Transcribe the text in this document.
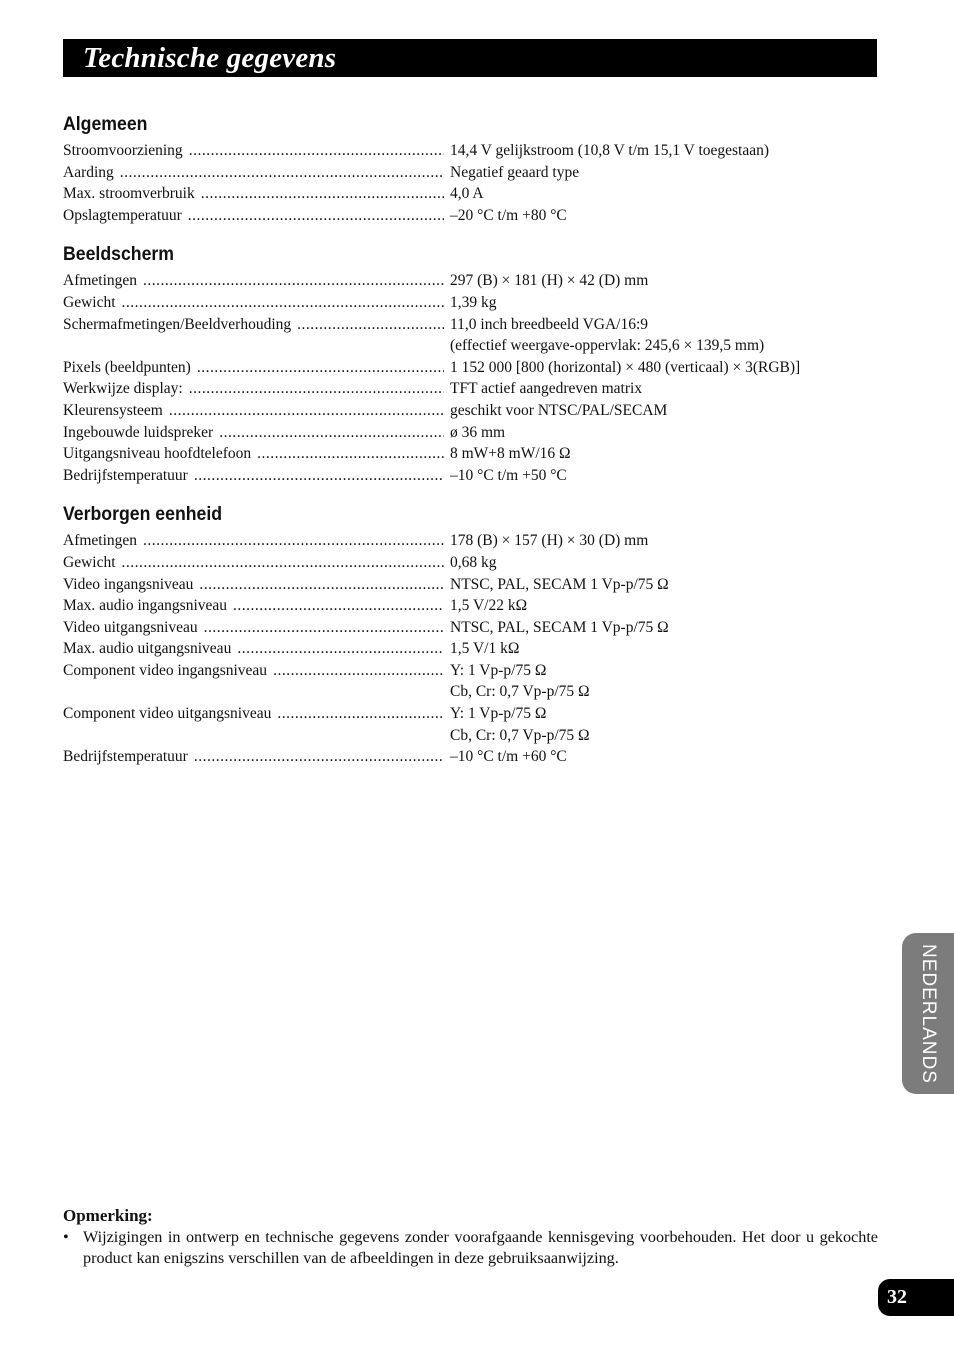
Technische gegevens
Algemeen
Stroomvoorziening .....	14,4 V gelijkstroom (10,8 V t/m 15,1 V toegestaan)
Aarding .....	Negatief geaard type
Max. stroomverbruik .....	4,0 A
Opslagtemperatuur .....	–20 °C t/m +80 °C
Beeldscherm
Afmetingen .....	297 (B) × 181 (H) × 42 (D) mm
Gewicht .....	1,39 kg
Schermafmetingen/Beeldverhouding .....	11,0 inch breedbeeld VGA/16:9
(effectief weergave-oppervlak: 245,6 × 139,5 mm)
Pixels (beeldpunten) .....	1 152 000 [800 (horizontal) × 480 (verticaal) × 3(RGB)]
Werkwijze display: .....	TFT actief aangedreven matrix
Kleurensysteem .....	geschikt voor NTSC/PAL/SECAM
Ingebouwde luidspreker .....	ø 36 mm
Uitgangsniveau hoofdtelefoon .....	8 mW+8 mW/16 Ω
Bedrijfstemperatuur .....	–10 °C t/m +50 °C
Verborgen eenheid
Afmetingen .....	178 (B) × 157 (H) × 30 (D) mm
Gewicht .....	0,68 kg
Video ingangsniveau .....	NTSC, PAL, SECAM 1 Vp-p/75 Ω
Max. audio ingangsniveau .....	1,5 V/22 kΩ
Video uitgangsniveau .....	NTSC, PAL, SECAM 1 Vp-p/75 Ω
Max. audio uitgangsniveau .....	1,5 V/1 kΩ
Component video ingangsniveau .....	Y: 1 Vp-p/75 Ω
Cb, Cr: 0,7 Vp-p/75 Ω
Component video uitgangsniveau .....	Y: 1 Vp-p/75 Ω
Cb, Cr: 0,7 Vp-p/75 Ω
Bedrijfstemperatuur .....	–10 °C t/m +60 °C
NEDERLANDS
Opmerking:
• Wijzigingen in ontwerp en technische gegevens zonder voorafgaande kennisgeving voorbehouden. Het door u gekochte product kan enigszins verschillen van de afbeeldingen in deze gebruiksaanwijzing.
32
